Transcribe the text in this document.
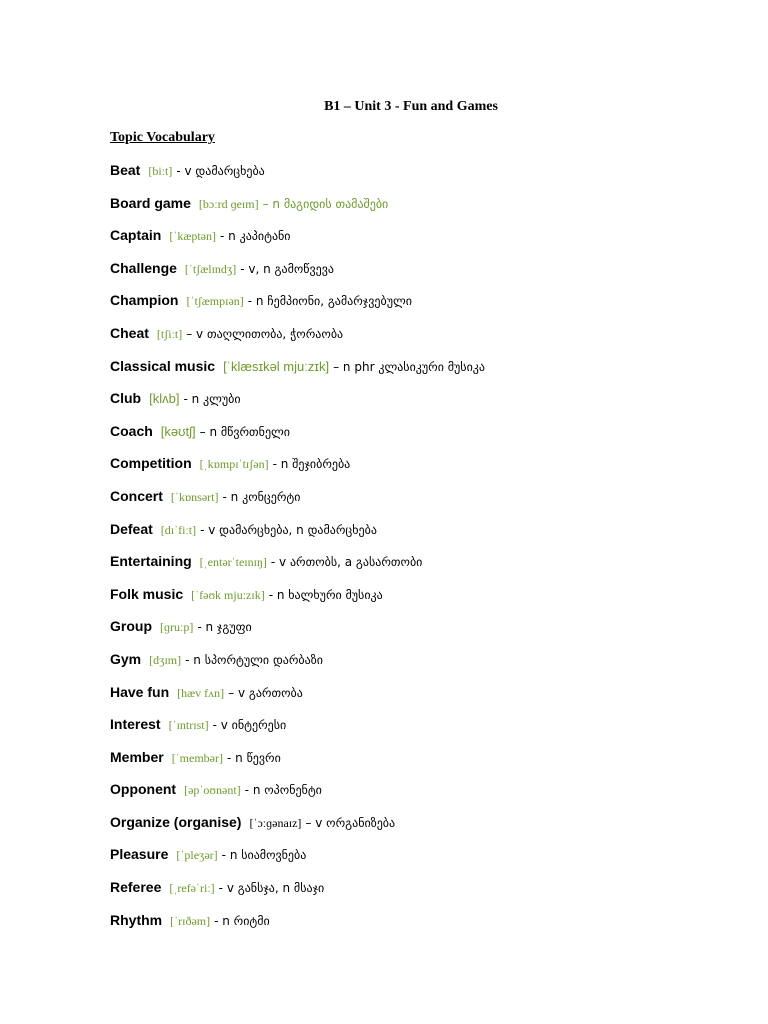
B1 – Unit 3 - Fun and Games
Topic Vocabulary
Beat [biːt] - v დამარცხება
Board game [bɔːrd ɡeɪm] – n მაგიდის თამაშები
Captain [ˈkæptən] - n კაპიტანი
Challenge [ˈtʃælɪndʒ] - v, n გამოწვევა
Champion [ˈtʃæmpɪən] - n ჩემპიონი, გამარჯვებული
Cheat [tʃiːt] – v თაღლითობა, ჭორაობა
Classical music [ˈklæsɪkəl mjuːzɪk] – n phr კლასიკური მუსიკა
Club [klʌb] - n კლუბი
Coach [kəʊtʃ] – n მწვრთნელი
Competition [ˌkɒmpɪˈtɪʃən] - n შეჯიბრება
Concert [ˈkɒnsərt] - n კონცერტი
Defeat [dɪˈfiːt] - v დამარცხება, n დამარცხება
Entertaining [ˌentərˈteɪnɪŋ] - v ართობს, a გასართობი
Folk music [ˈfəʊk mjuːzɪk] - n ხალხური მუსიკა
Group [ɡruːp] - n ჯგუფი
Gym [dʒɪm] - n სპორტული დარბაზი
Have fun [hæv fʌn] – v გართობა
Interest [ˈɪntrɪst] - v ინტერესი
Member [ˈmembər] - n წევრი
Opponent [əpˈoʊnənt] - n ოპონენტი
Organize (organise) [ˈɔːɡənaɪz] – v ორგანიზება
Pleasure [ˈpleʒər] - n სიამოვნება
Referee [ˌrefəˈriː] - v განსჯა, n მსაჯი
Rhythm [ˈrɪðəm] - n რიტმი
